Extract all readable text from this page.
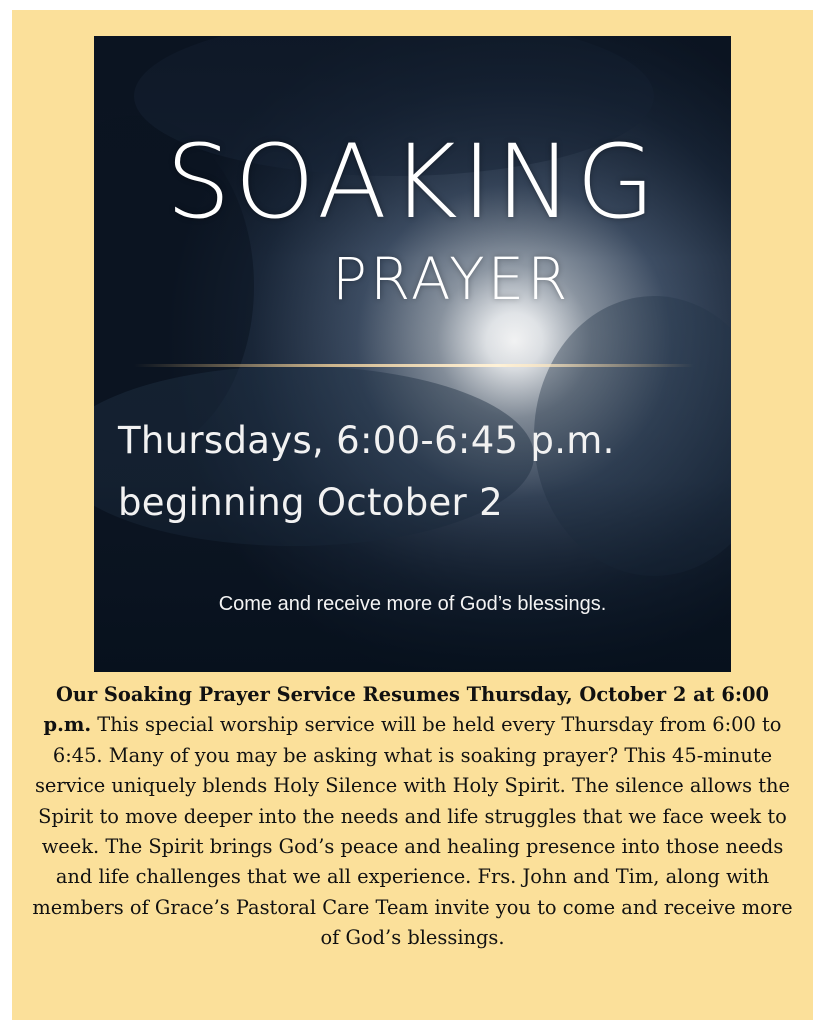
SOAKING
PRAYER
Thursdays, 6:00-6:45 p.m.
beginning October 2
Come and receive more of God’s blessings.
Our Soaking Prayer Service Resumes Thursday, October 2 at 6:00 p.m. This special worship service will be held every Thursday from 6:00 to 6:45. Many of you may be asking what is soaking prayer? This 45-minute service uniquely blends Holy Silence with Holy Spirit. The silence allows the Spirit to move deeper into the needs and life struggles that we face week to week. The Spirit brings God’s peace and healing presence into those needs and life challenges that we all experience. Frs. John and Tim, along with members of Grace’s Pastoral Care Team invite you to come and receive more of God’s blessings.
